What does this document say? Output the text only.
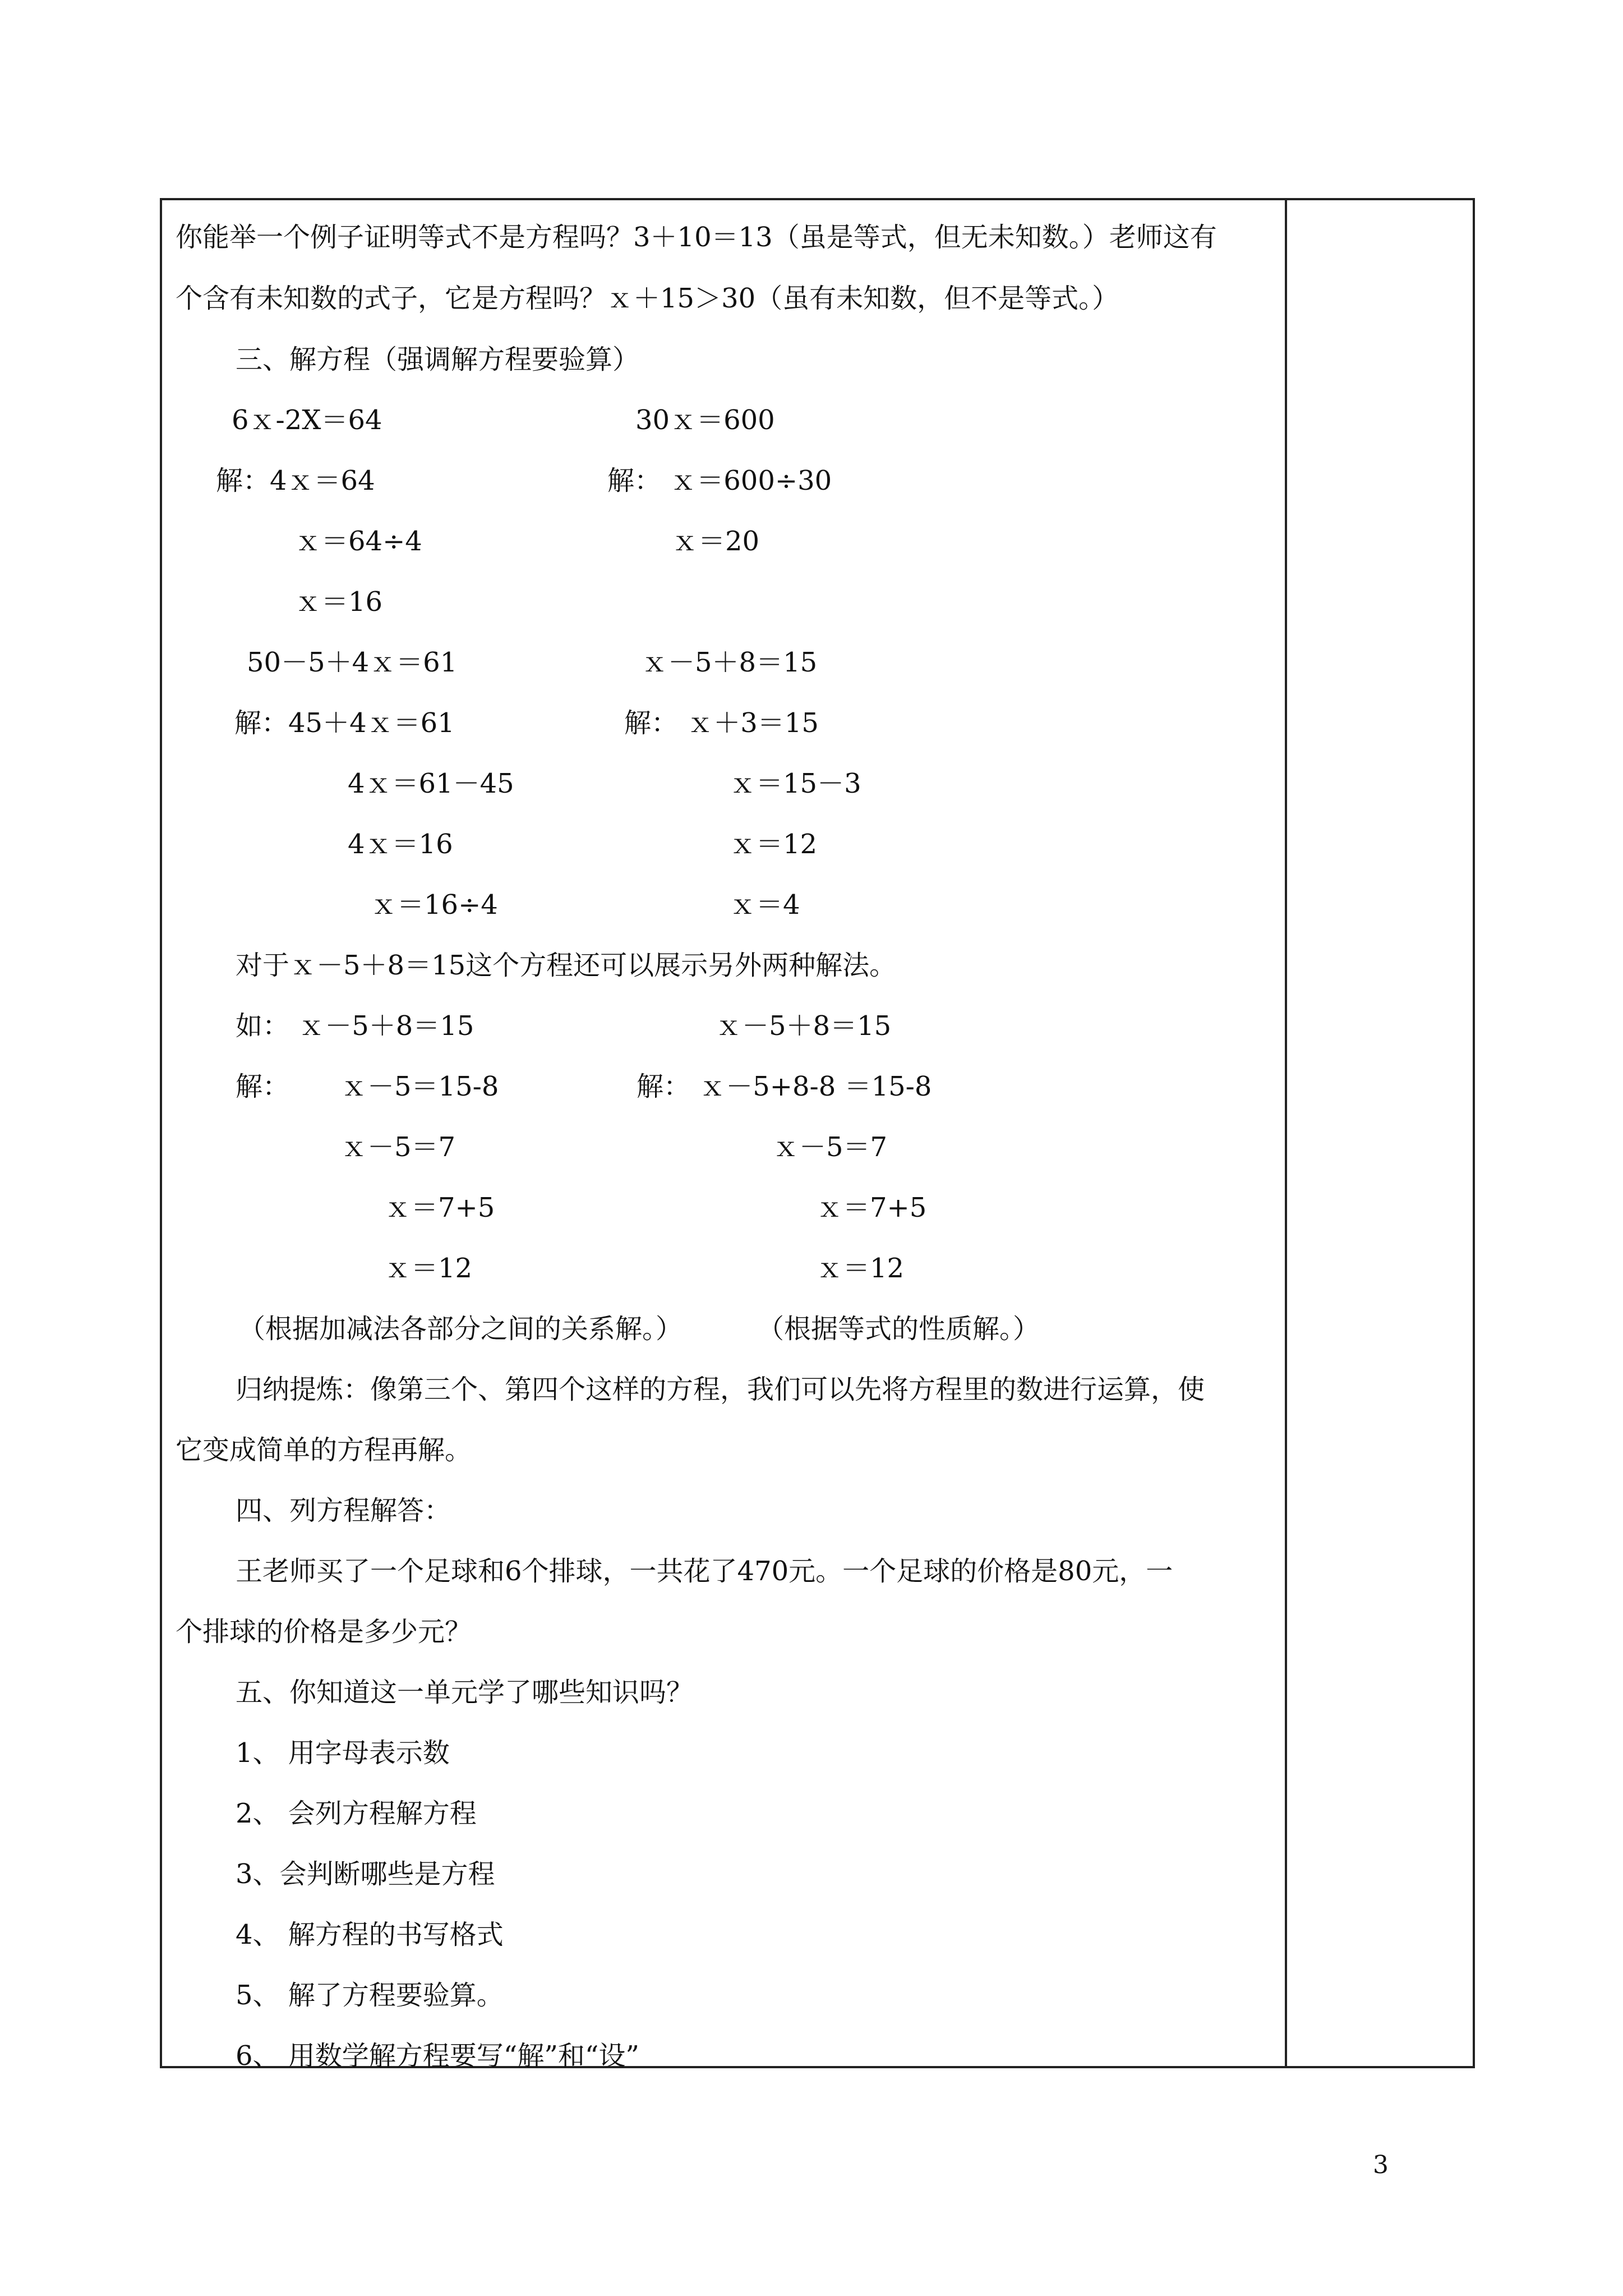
你能举一个例子证明等式不是方程吗？3＋10＝13（虽是等式，但无未知数。）老师这有
个含有未知数的式子，它是方程吗？ｘ＋15＞30（虽有未知数，但不是等式。）
三、解方程（强调解方程要验算）
6ｘ-2X＝64	30ｘ＝600
解：4ｘ＝64	解： ｘ＝600÷30
ｘ＝64÷4	ｘ＝20
ｘ＝16
50－5＋4ｘ＝61	ｘ－5＋8＝15
解：45＋4ｘ＝61	解： ｘ＋3＝15
4ｘ＝61－45	ｘ＝15－3
4ｘ＝16	ｘ＝12
ｘ＝16÷4	ｘ＝4
对于ｘ－5＋8＝15这个方程还可以展示另外两种解法。
如： ｘ－5＋8＝15	ｘ－5＋8＝15
解： ｘ－5＝15-8	解： ｘ－5+8-8 ＝15-8
ｘ－5＝7	ｘ－5＝7
ｘ＝7+5	ｘ＝7+5
ｘ＝12	ｘ＝12
（根据加减法各部分之间的关系解。）	（根据等式的性质解。）
归纳提炼：像第三个、第四个这样的方程，我们可以先将方程里的数进行运算，使
它变成简单的方程再解。
四、列方程解答：
王老师买了一个足球和6个排球，一共花了470元。一个足球的价格是80元，一
个排球的价格是多少元？
五、你知道这一单元学了哪些知识吗？
1、 用字母表示数
2、 会列方程解方程
3、会判断哪些是方程
4、 解方程的书写格式
5、 解了方程要验算。
6、 用数学解方程要写“解”和“设”
3
